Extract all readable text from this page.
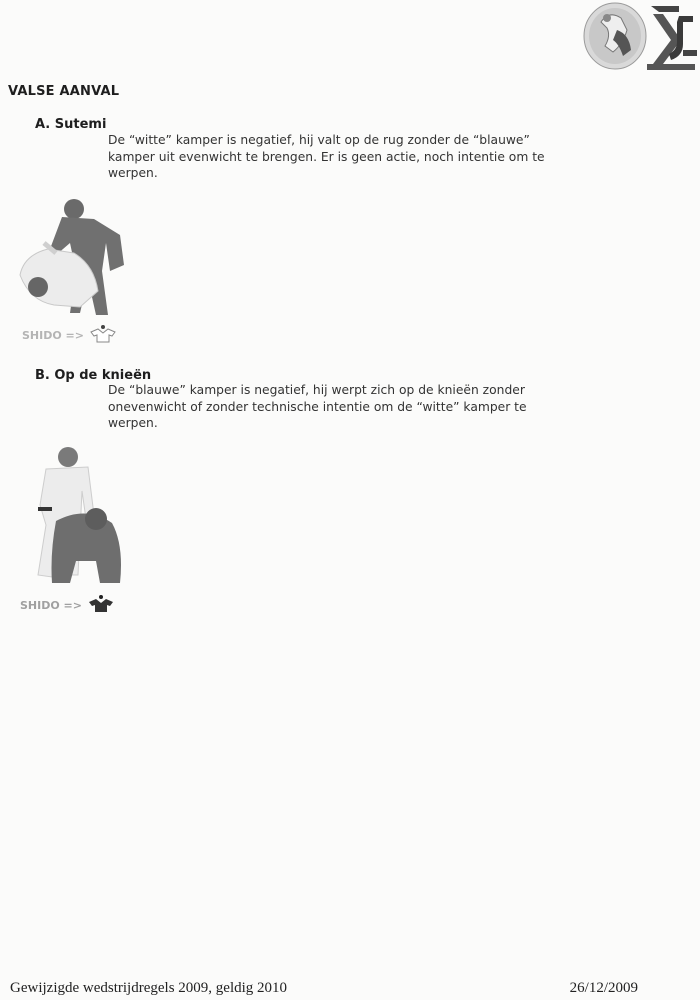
VALSE AANVAL
A. Sutemi
De “witte” kamper is negatief, hij valt op de rug zonder de “blauwe”
kamper uit evenwicht te brengen. Er is geen actie, noch intentie om te
werpen.
SHIDO =>
B. Op de knieën
De “blauwe” kamper is negatief, hij werpt zich op de knieën zonder
onevenwicht of zonder technische intentie om de “witte” kamper te
werpen.
SHIDO =>
Gewijzigde wedstrijdregels 2009, geldig 2010	26/12/2009
